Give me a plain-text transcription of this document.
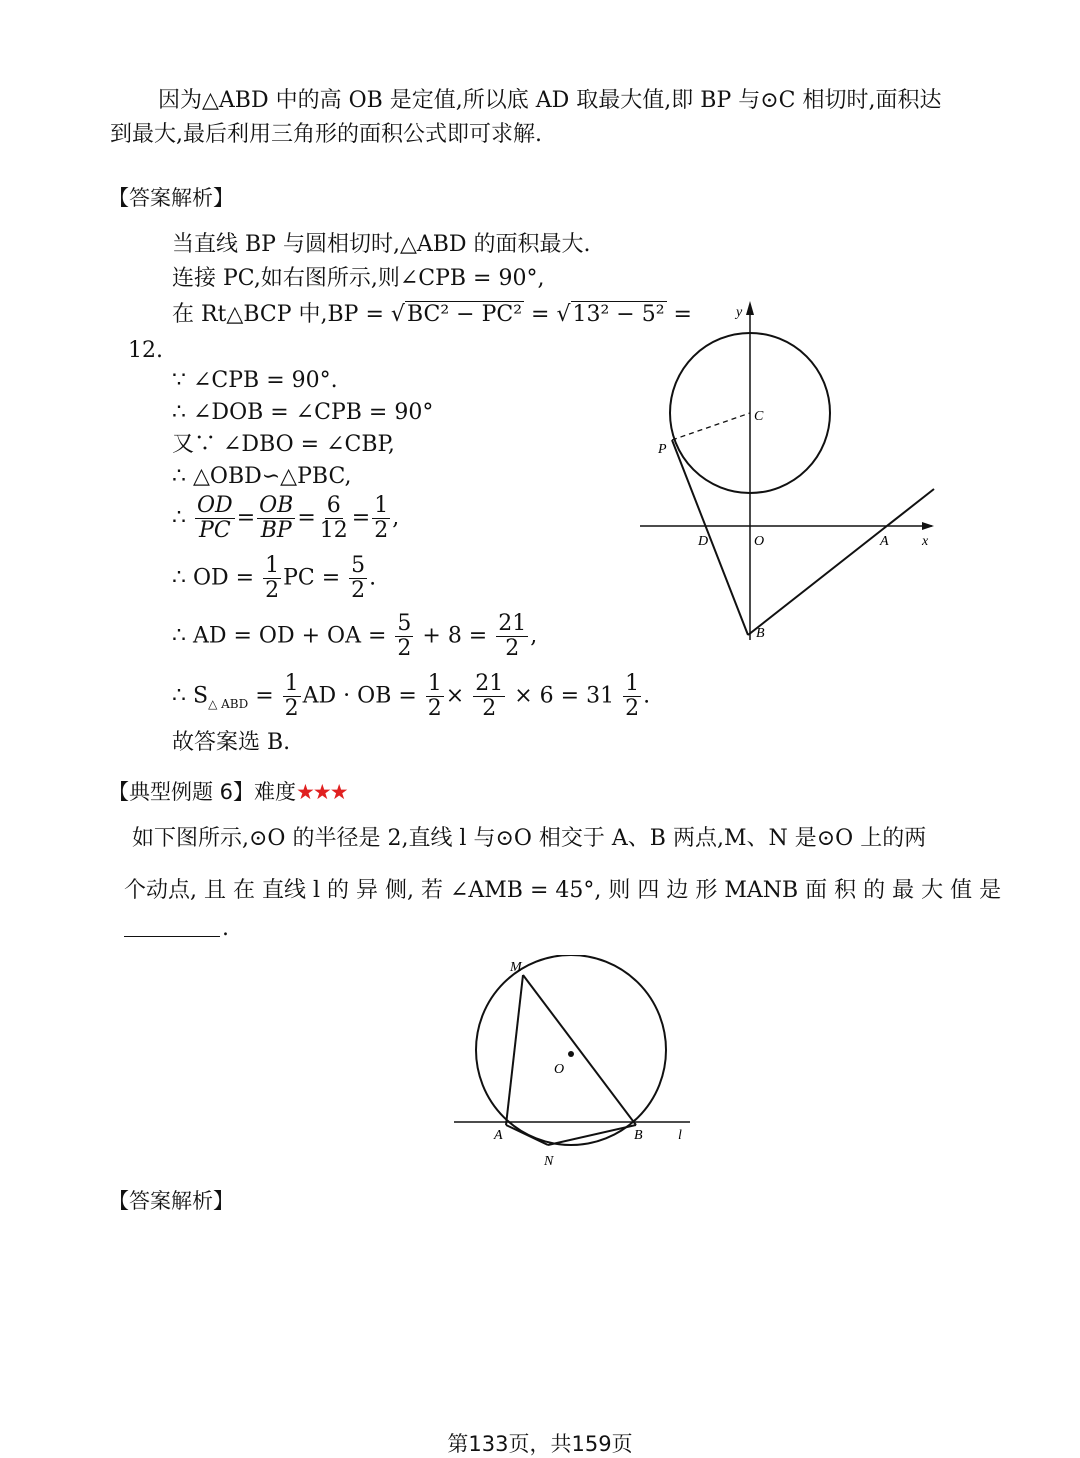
因为△ABD 中的高 OB 是定值,所以底 AD 取最大值,即 BP 与⊙C 相切时,面积达
到最大,最后利用三角形的面积公式即可求解.
【答案解析】
当直线 BP 与圆相切时,△ABD 的面积最大.
连接 PC,如右图所示,则∠CPB = 90°,
在 Rt△BCP 中,BP = √BC² − PC² = √13² − 5² =
12.
∵ ∠CPB = 90°.
∴ ∠DOB = ∠CPB = 90°
又∵ ∠DBO = ∠CBP,
∴ △OBD∽△PBC,
∴ $\frac{OD}{PC} = \frac{OB}{BP} = \frac{6}{12} = \frac{1}{2}$ ,
∴ OD = $\frac{1}{2}$ PC = $\frac{5}{2}$ .
∴ AD = OD + OA = $\frac{5}{2} + 8 = \frac{21}{2}$ ,
∴ $S_{\triangle ABD} = \frac{1}{2}$ AD · OB = $\frac{1}{2} \times \frac{21}{2} \times 6 = 31 \frac{1}{2}$ .
故答案选 B.
y
x
C
P
D	O	A
B
【典型例题 6】难度★★★
如下图所示,⊙O 的半径是 2,直线 l 与⊙O 相交于 A、B 两点,M、N 是⊙O 上的两
个动点, 且 在 直线 l 的 异 侧, 若 ∠AMB = 45°, 则 四 边 形 MANB 面 积 的 最 大 值 是
.
M
O
A	B
N
l
【答案解析】
第133页，共159页
